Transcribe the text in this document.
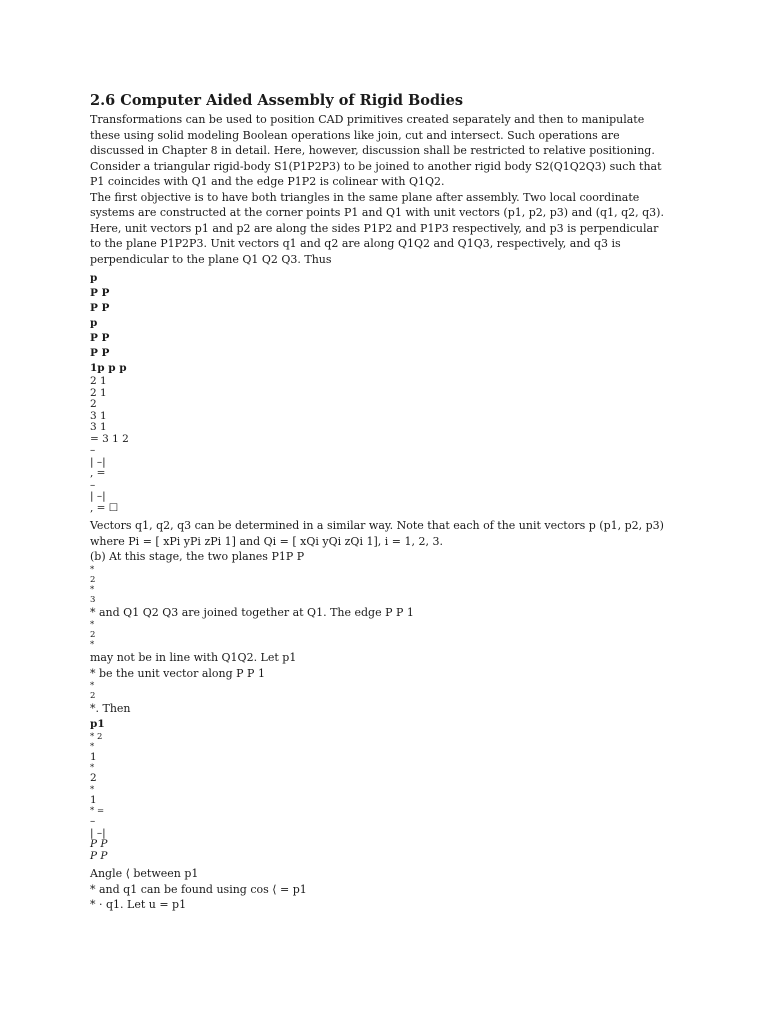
2.6 Computer Aided Assembly of Rigid Bodies

Transformations can be used to position CAD primitives created separately and then to manipulate

these using solid modeling Boolean operations like join, cut and intersect. Such operations are

discussed in Chapter 8 in detail. Here, however, discussion shall be restricted to relative positioning.

Consider a triangular rigid-body S1(P1P2P3) to be joined to another rigid body S2(Q1Q2Q3) such that

P1 coincides with Q1 and the edge P1P2 is colinear with Q1Q2.

The first objective is to have both triangles in the same plane after assembly. Two local coordinate

systems are constructed at the corner points P1 and Q1 with unit vectors (p1, p2, p3) and (q1, q2, q3).

Here, unit vectors p1 and p2 are along the sides P1P2 and P1P3 respectively, and p3 is perpendicular

to the plane P1P2P3. Unit vectors q1 and q2 are along Q1Q2 and Q1Q3, respectively, and q3 is

perpendicular to the plane Q1 Q2 Q3. Thus

p

P P

P P

p

P P

P P

1p p p

2 1

2 1

2

3 1

3 1

= 3 1 2

–

| –|

, =

–

| –|

, = ☐

Vectors q1, q2, q3 can be determined in a similar way. Note that each of the unit vectors p (p1, p2, p3)

where Pi = [ xPi yPi zPi 1] and Qi = [ xQi yQi zQi 1], i = 1, 2, 3.

(b) At this stage, the two planes P1P P

*

2

*

3

* and Q1 Q2 Q3 are joined together at Q1. The edge P P 1

*

2

*

may not be in line with Q1Q2. Let p1

* be the unit vector along P P 1

*

2

*. Then

p1

* 2

*

1

*

2

*

1

* =

–

| –|

P P

P P

Angle ⟨ between p1

* and q1 can be found using cos ⟨ = p1

* · q1. Let u = p1
